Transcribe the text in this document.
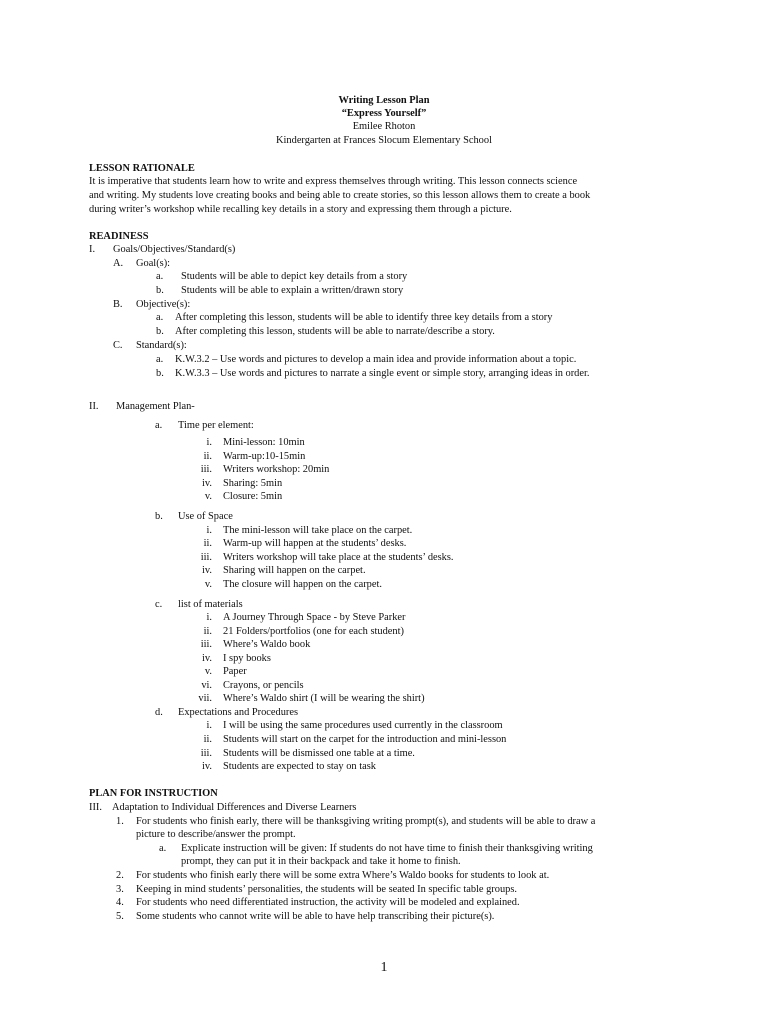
Writing Lesson Plan
“Express Yourself”
Emilee Rhoton
Kindergarten at Frances Slocum Elementary School
LESSON RATIONALE
It is imperative that students learn how to write and express themselves through writing. This lesson connects science
and writing. My students love creating books and being able to create stories, so this lesson allows them to create a book
during writer’s workshop while recalling key details in a story and expressing them through a picture.
READINESS
I. Goals/Objectives/Standard(s)
A. Goal(s):
a. Students will be able to depict key details from a story
b. Students will be able to explain a written/drawn story
B. Objective(s):
a. After completing this lesson, students will be able to identify three key details from a story
b. After completing this lesson, students will be able to narrate/describe a story.
C. Standard(s):
a. K.W.3.2 – Use words and pictures to develop a main idea and provide information about a topic.
b. K.W.3.3 – Use words and pictures to narrate a single event or simple story, arranging ideas in order.
II. Management Plan-
a. Time per element:
i. Mini-lesson: 10min
ii. Warm-up:10-15min
iii. Writers workshop: 20min
iv. Sharing: 5min
v. Closure: 5min
b. Use of Space
i. The mini-lesson will take place on the carpet.
ii. Warm-up will happen at the students’ desks.
iii. Writers workshop will take place at the students’ desks.
iv. Sharing will happen on the carpet.
v. The closure will happen on the carpet.
c. list of materials
i. A Journey Through Space - by Steve Parker
ii. 21 Folders/portfolios (one for each student)
iii. Where’s Waldo book
iv. I spy books
v. Paper
vi. Crayons, or pencils
vii. Where’s Waldo shirt (I will be wearing the shirt)
d. Expectations and Procedures
i. I will be using the same procedures used currently in the classroom
ii. Students will start on the carpet for the introduction and mini-lesson
iii. Students will be dismissed one table at a time.
iv. Students are expected to stay on task
PLAN FOR INSTRUCTION
III. Adaptation to Individual Differences and Diverse Learners
1. For students who finish early, there will be thanksgiving writing prompt(s), and students will be able to draw a
picture to describe/answer the prompt.
a. Explicate instruction will be given: If students do not have time to finish their thanksgiving writing
prompt, they can put it in their backpack and take it home to finish.
2. For students who finish early there will be some extra Where’s Waldo books for students to look at.
3. Keeping in mind students’ personalities, the students will be seated In specific table groups.
4. For students who need differentiated instruction, the activity will be modeled and explained.
5. Some students who cannot write will be able to have help transcribing their picture(s).
1
